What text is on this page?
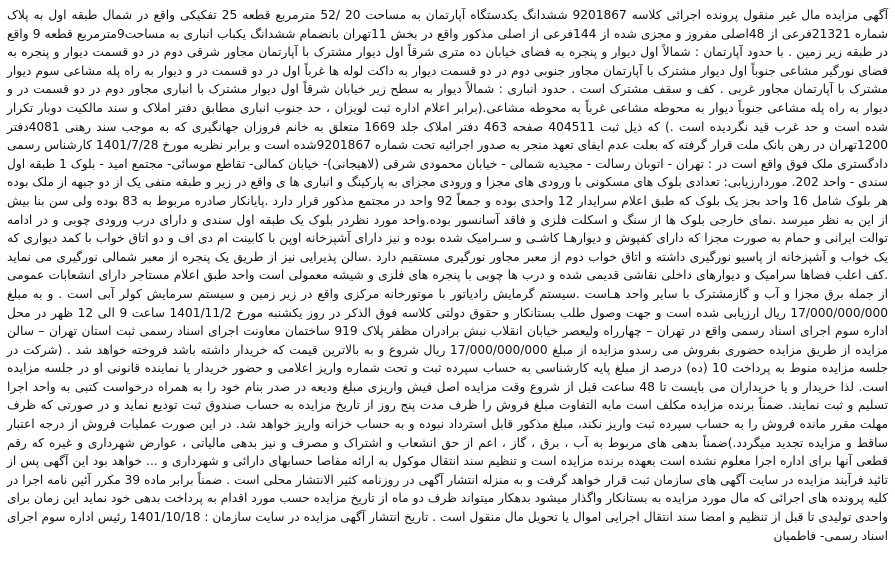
آگهی مزایده مال غیر منقول پرونده اجرائی کلاسه 9201867 ششدانگ یکدستگاه آپارتمان به مساحت 20 /52 مترمربع قطعه 25 تفکیکی واقع در شمال طبقه اول به پلاک شماره 21321فرعی از 48اصلی مفروز و مجزی شده از 144فرعی از اصلی مذکور واقع در بخش 11تهران بانضمام ششدانگ یکباب انباری به مساحت9مترمربع قطعه 9 واقع در طبقه زیر زمین . با حدود آپارتمان : شمالاً اول دیوار و پنجره به فضای خیابان ده متری شرقاً اول دیوار مشترک با آپارتمان مجاور شرقی دوم در دو قسمت دیوار و پنجره به فضای نورگیر مشاعی جنوباً اول دیوار مشترک با آپارتمان مجاور جنوبی دوم در دو قسمت دیوار به داکت لوله ها غرباً اول در دو قسمت در و دیوار به راه پله مشاعی سوم دیوار مشترک با آپارتمان مجاور غربی . کف و سقف مشترک است . حدود انباری : شمالاً دیوار به سطح زیر خیابان شرقاً اول دیوار مشترک با انباری مجاور دوم در دو قسمت در و دیوار به راه پله مشاعی جنوباً دیوار به محوطه مشاعی غرباً به محوطه مشاعی.(برابر اعلام اداره ثبت لویزان ، حد جنوب انباری مطابق دفتر املاک و سند مالکیت دوبار تکرار شده است و حد غرب قید نگردیده است .) که ذیل ثبت 404511 صفحه 463 دفتر املاک جلد 1669 متعلق به خانم فروزان جهانگیری که به موجب سند رهنی 4081دفتر 1200تهران در رهن بانک ملت قرار گرفته که بعلت عدم ایفای تعهد منجر به صدور اجرائیه تحت شماره 9201867شده است و برابر نظریه مورخ 1401/7/28 کارشناس رسمی دادگستری ملک فوق واقع است در : تهران - اتوبان رسالت - مجیدیه شمالی - خیابان محمودی شرقی (لاهیجانی)- خیابان کمالی- تقاطع موسائی- مجتمع امید - بلوک 1 طبقه اول سندی - واحد 202. موردارزیابی: تعدادی بلوک های مسکونی با ورودی های مجزا و ورودی مجزای به پارکینگ و انباری ها ی واقع در زیر و طبقه منفی یک از دو جبهه از ملک بوده هر بلوک شامل 16 واحد بجز یک بلوک که طبق اعلام سرایدار 12 واحدی بوده و جمعاً 92 واحد در مجتمع مذکور قرار دارد .پایانکار صادره مربوط به 83 بوده ولی سن بنا بیش از این به نظر میرسد .نمای خارجی بلوک ها از سنگ و اسکلت فلزی و فاقد آسانسور بوده.واحد مورد نظردر بلوک یک طبقه اول سندی و دارای درب ورودی چوبی و در ادامه توالت ایرانی و حمام به صورت مجزا که دارای کفپوش و دیوارهـا کاشـی و سـرامیک شده بوده و نیز دارای آشپزخانه اوپن با کابینت ام دی اف و دو اتاق خواب با کمد دیواری که یک خواب و آشپزخانه از پاسیو نورگیری داشته و اتاق خواب دوم از معبر مجاور نورگیری مستقیم دارد .سالن پذیرایی نیز از طریق یک پنجره از معبر شمالی نورگیری می نماید .کف اعلب فضاها سرامیک و دیوارهای داخلی نقاشی قدیمی شده و درب ها چوبی با پنجره های فلزی و شیشه معمولی است واحد طبق اعلام مستاجر دارای انشعابات عمومی از جمله برق مجزا و آب و گازمشترک با سایر واحد هـاست .سیستم گرمایش رادیاتور با موتورخانه مرکزی واقع در زیر زمین و سیستم سرمایش کولر آبی است . و به مبلغ 17/000/000/000 ریال ارزیابی شده است و جهت وصول طلب بستانکار و حقوق دولتی کلاسه فوق الذکر در روز یکشنبه مورخ 1401/11/2 ساعت 9 الی 12 ظهر در محل اداره سوم اجرای اسناد رسمی واقع در تهران – چهارراه ولیعصر خیابان انقلاب نبش برادران مظفر پلاک 919 ساختمان معاونت اجرای اسناد رسمی ثبت استان تهران – سالن مزایده از طریق مزایده حضوری بفروش می رسدو مزایده از مبلغ 17/000/000/000 ریال شروع و به بالاترین قیمت که خریدار داشته باشد فروخته خواهد شد . (شرکت در جلسه مزایده منوط به پرداخت 10 (ده) درصد از مبلغ پایه کارشناسی به حساب سپرده ثبت و تحت شماره واریز اعلامی و حضور خریدار یا نماینده قانونی او در جلسه مزایده است. لذا خریدار و یا خریداران می بایست تا 48 ساعت قبل از شروع وقت مزایده اصل فیش واریزی مبلغ ودیعه در صدر بنام خود را به همراه درخواست کتبی به واحد اجرا تسلیم و ثبت نمایند. ضمناً برنده مزایده مکلف است مابه التفاوت مبلغ فروش را ظرف مدت پنج روز از تاریخ مزایده به حساب صندوق ثبت تودیع نماید و در صورتی که ظرف مهلت مقرر مانده فروش را به حساب سپرده ثبت واریز نکند، مبلغ مذکور قابل استرداد نبوده و به حساب خزانه واریز خواهد شد. در این صورت عملیات فروش از درجه اعتبار ساقط و مزایده تجدید میگردد.)ضمناً بدهی های مربوط به آب ، برق ، گاز ، اعم از حق انشعاب و اشتراک و مصرف و نیز بدهی مالیاتی ، عوارض شهرداری و غیره که رقم قطعی آنها برای اداره اجرا معلوم نشده است بعهده برنده مزایده است و تنظیم سند انتقال موکول به ارائه مفاصا حسابهای دارائی و شهرداری و ... خواهد بود این آگهی پس از تائید فرآیند مزایده در سایت آگهی های سازمان ثبت قرار خواهد گرفت و به منزله انتشار آگهی در روزنامه کثیر الانتشار محلی است . ضمناً برابر ماده 39 مکرر آئین نامه اجرا در کلیه پرونده های اجرائی که مال مورد مزایده به بستانکار واگذار میشود بدهکار میتواند ظرف دو ماه از تاریخ مزایده حسب مورد اقدام به پرداخت بدهی خود نماید این زمان برای واحدی تولیدی تا قبل از تنظیم و امضا سند انتقال اجرایی اموال یا تحویل مال منقول است . تاریخ انتشار آگهی مزایده در سایت سازمان : 1401/10/18 رئیس اداره سوم اجرای اسناد رسمی- فاطمیان
